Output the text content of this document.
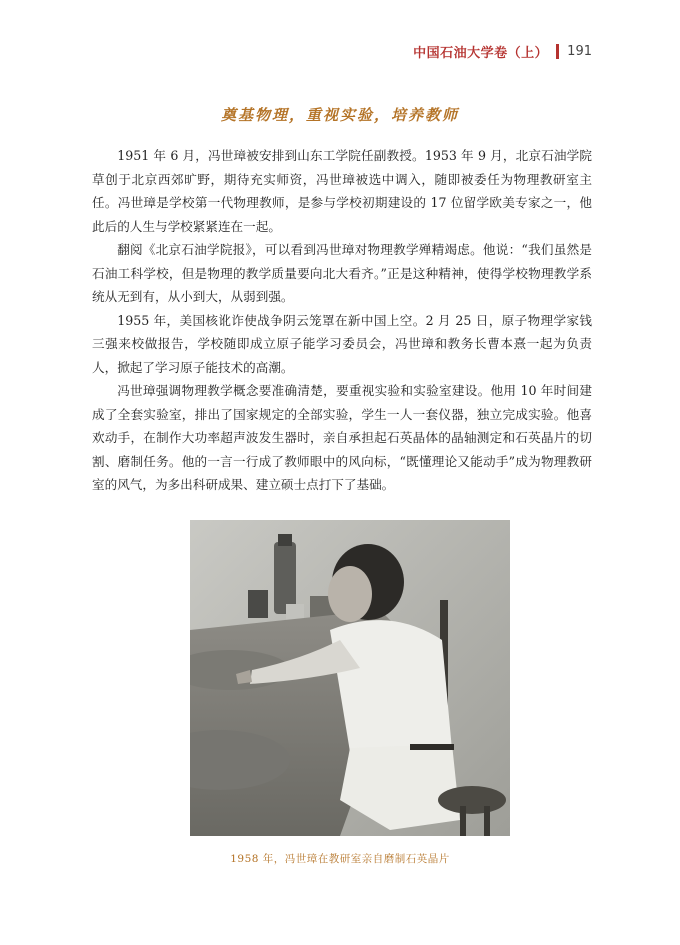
中国石油大学卷（上） 191
奠基物理，重视实验，培养教师

1951 年 6 月，冯世璋被安排到山东工学院任副教授。1953 年 9 月，北京石油学院草创于北京西郊旷野，期待充实师资，冯世璋被选中调入，随即被委任为物理教研室主任。冯世璋是学校第一代物理教师，是参与学校初期建设的 17 位留学欧美专家之一，他此后的人生与学校紧紧连在一起。

翻阅《北京石油学院报》，可以看到冯世璋对物理教学殚精竭虑。他说：“我们虽然是石油工科学校，但是物理的教学质量要向北大看齐。”正是这种精神，使得学校物理教学系统从无到有，从小到大，从弱到强。

1955 年，美国核讹诈使战争阴云笼罩在新中国上空。2 月 25 日，原子物理学家钱三强来校做报告，学校随即成立原子能学习委员会，冯世璋和教务长曹本熹一起为负责人，掀起了学习原子能技术的高潮。

冯世璋强调物理教学概念要准确清楚，要重视实验和实验室建设。他用 10 年时间建成了全套实验室，排出了国家规定的全部实验，学生一人一套仪器，独立完成实验。他喜欢动手，在制作大功率超声波发生器时，亲自承担起石英晶体的晶轴测定和石英晶片的切割、磨制任务。他的一言一行成了教师眼中的风向标，“既懂理论又能动手”成为物理教研室的风气，为多出科研成果、建立硕士点打下了基础。

1958 年，冯世璋在教研室亲自磨制石英晶片
